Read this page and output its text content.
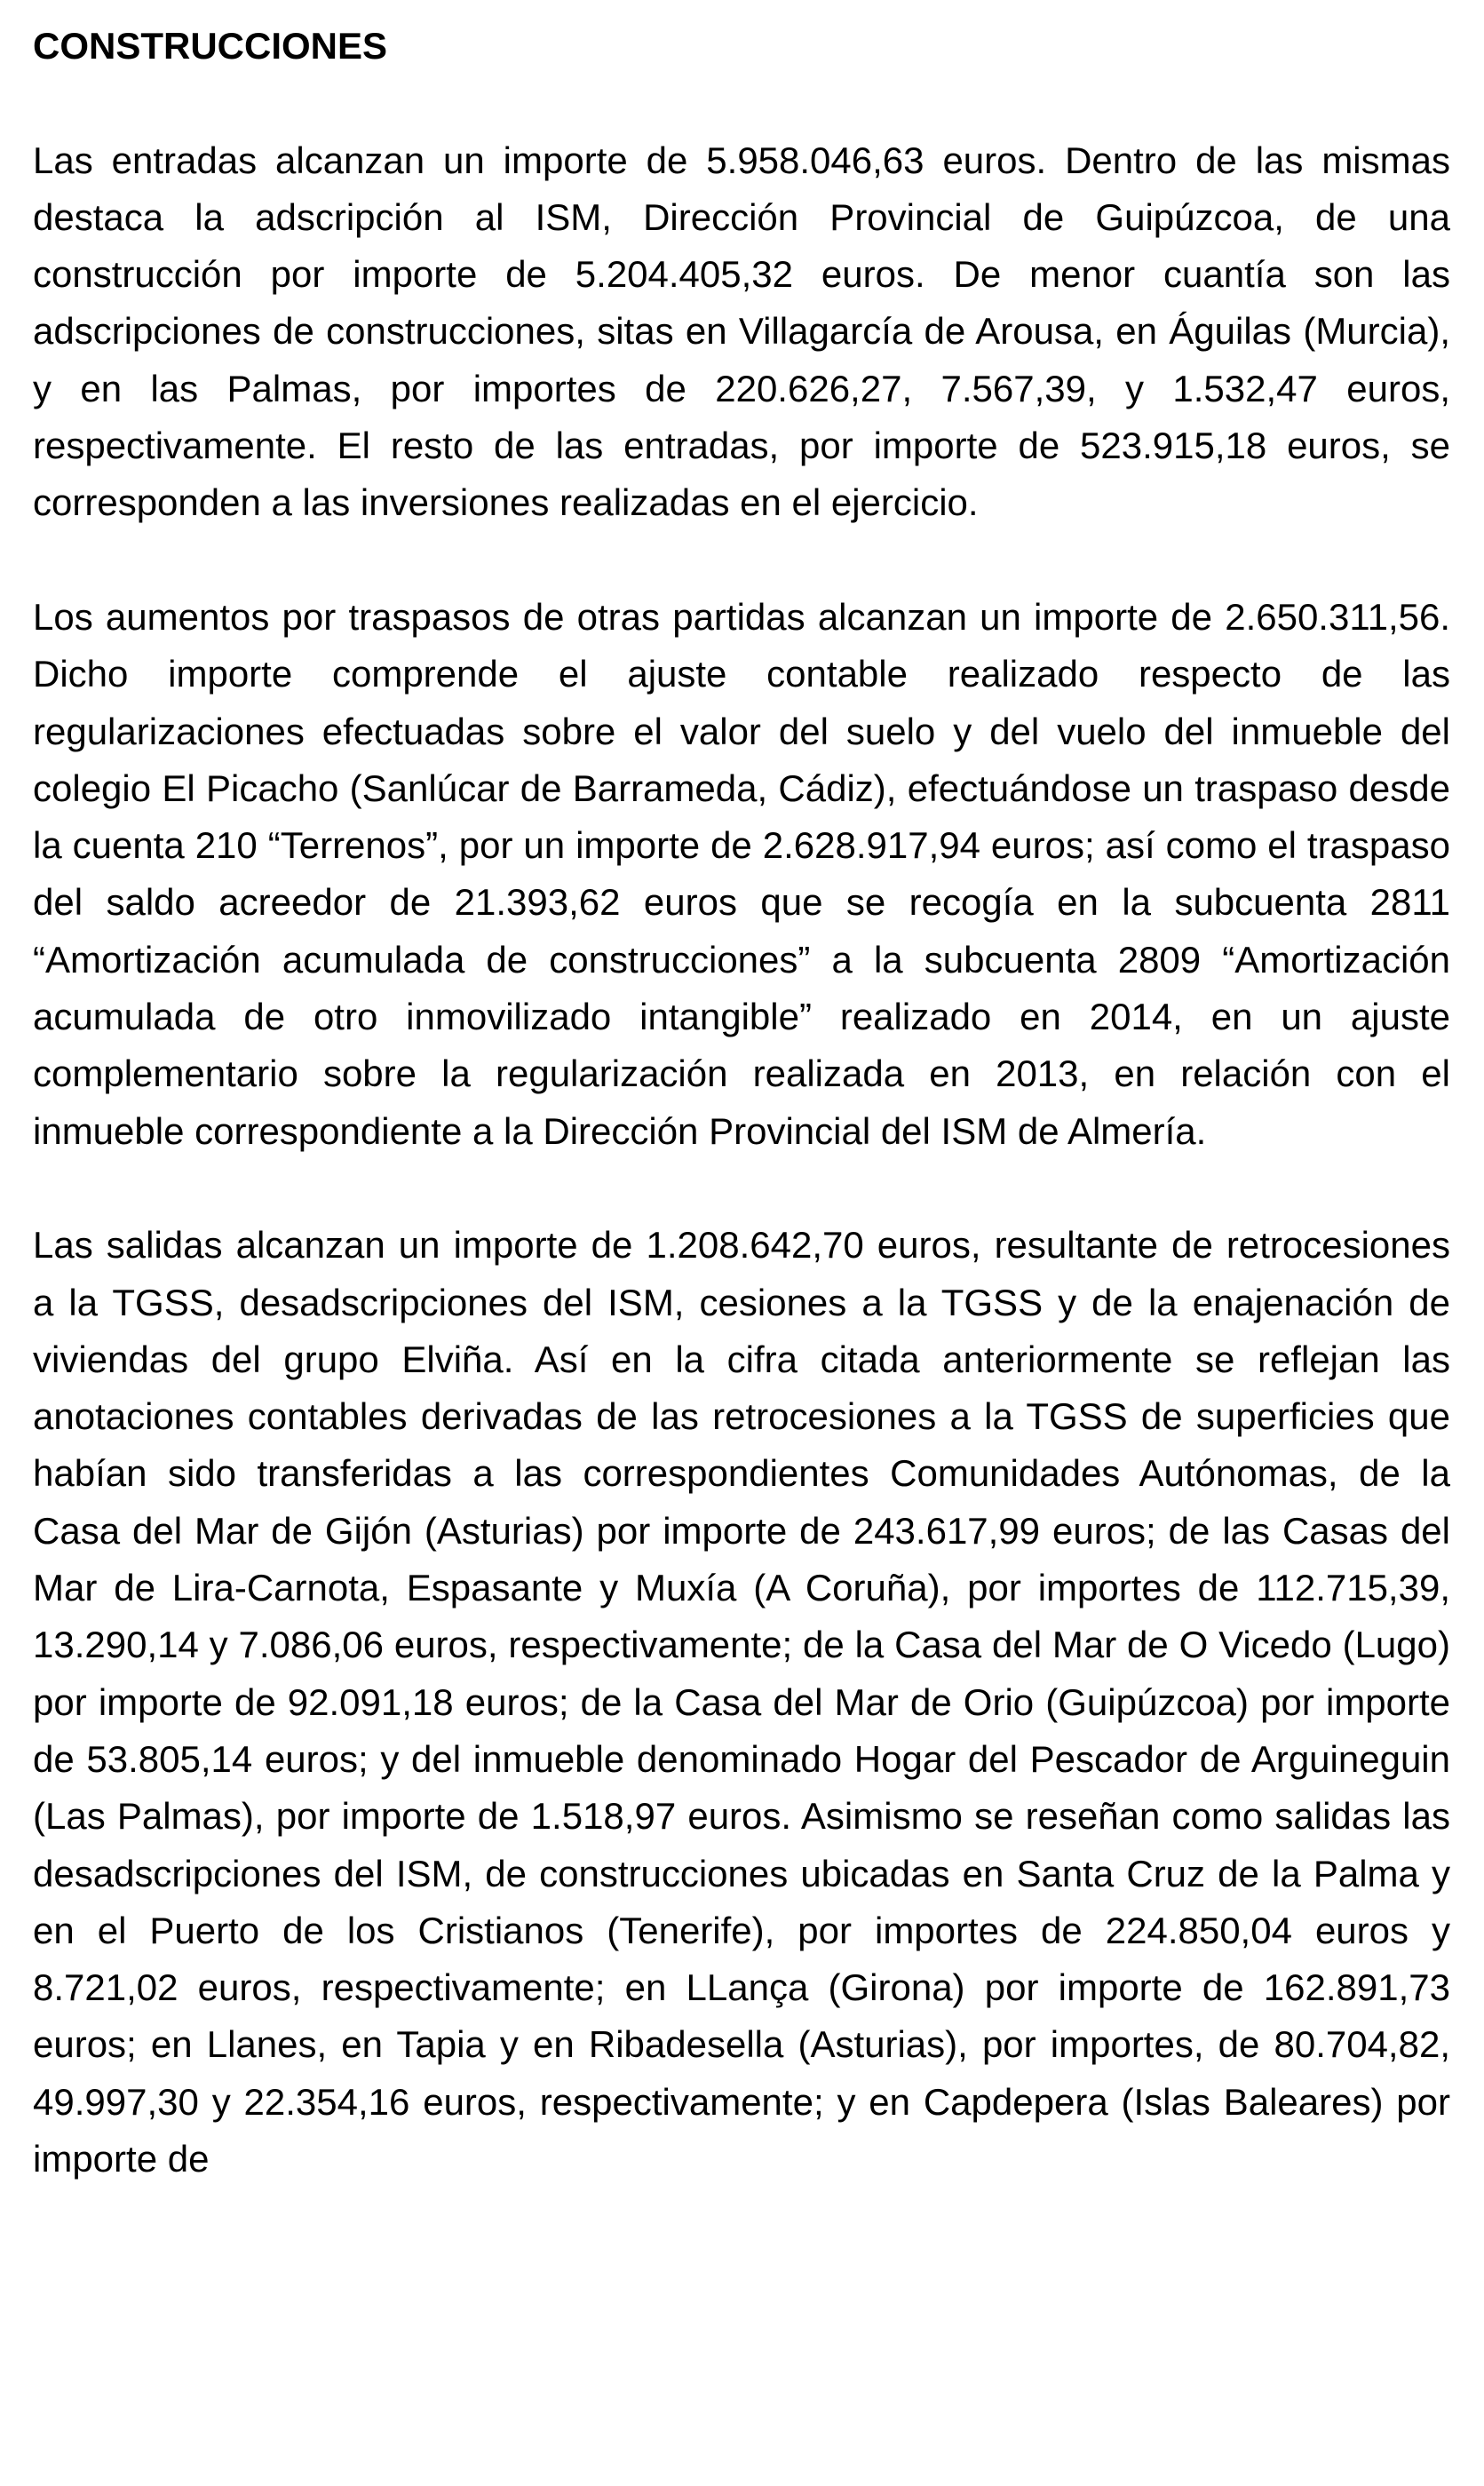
CONSTRUCCIONES

Las entradas alcanzan un importe de 5.958.046,63 euros. Dentro de las mismas destaca la adscripción al ISM, Dirección Provincial de Guipúzcoa, de una construcción por importe de 5.204.405,32 euros. De menor cuantía son las adscripciones de construcciones, sitas en Villagarcía de Arousa, en Águilas (Murcia), y en las Palmas, por importes de 220.626,27, 7.567,39, y 1.532,47 euros, respectivamente. El resto de las entradas, por importe de 523.915,18 euros, se corresponden a las inversiones realizadas en el ejercicio.

Los aumentos por traspasos de otras partidas alcanzan un importe de 2.650.311,56. Dicho importe comprende el ajuste contable realizado respecto de las regularizaciones efectuadas sobre el valor del suelo y del vuelo del inmueble del colegio El Picacho (Sanlúcar de Barrameda, Cádiz), efectuándose un traspaso desde la cuenta 210 “Terrenos”, por un importe de 2.628.917,94 euros; así como el traspaso del saldo acreedor de 21.393,62 euros que se recogía en la subcuenta 2811 “Amortización acumulada de construcciones” a la subcuenta 2809 “Amortización acumulada de otro inmovilizado intangible” realizado en 2014, en un ajuste complementario sobre la regularización realizada en 2013, en relación con el inmueble correspondiente a la Dirección Provincial del ISM de Almería.

Las salidas alcanzan un importe de 1.208.642,70 euros, resultante de retrocesiones a la TGSS, desadscripciones del ISM, cesiones a la TGSS y de la enajenación de viviendas del grupo Elviña. Así en la cifra citada anteriormente se reflejan las anotaciones contables derivadas de las retrocesiones a la TGSS de superficies que habían sido transferidas a las correspondientes Comunidades Autónomas, de la Casa del Mar de Gijón (Asturias) por importe de 243.617,99 euros; de las Casas del Mar de Lira-Carnota, Espasante y Muxía (A Coruña), por importes de 112.715,39, 13.290,14 y 7.086,06 euros, respectivamente; de la Casa del Mar de O Vicedo (Lugo) por importe de 92.091,18 euros; de la Casa del Mar de Orio (Guipúzcoa) por importe de 53.805,14 euros; y del inmueble denominado Hogar del Pescador de Arguineguin (Las Palmas), por importe de 1.518,97 euros. Asimismo se reseñan como salidas las desadscripciones del ISM, de construcciones ubicadas en Santa Cruz de la Palma y en el Puerto de los Cristianos (Tenerife), por importes de 224.850,04 euros y 8.721,02 euros, respectivamente; en LLança (Girona) por importe de 162.891,73 euros; en Llanes, en Tapia y en Ribadesella (Asturias), por importes, de 80.704,82, 49.997,30 y 22.354,16 euros, respectivamente; y en Capdepera (Islas Baleares) por importe de
